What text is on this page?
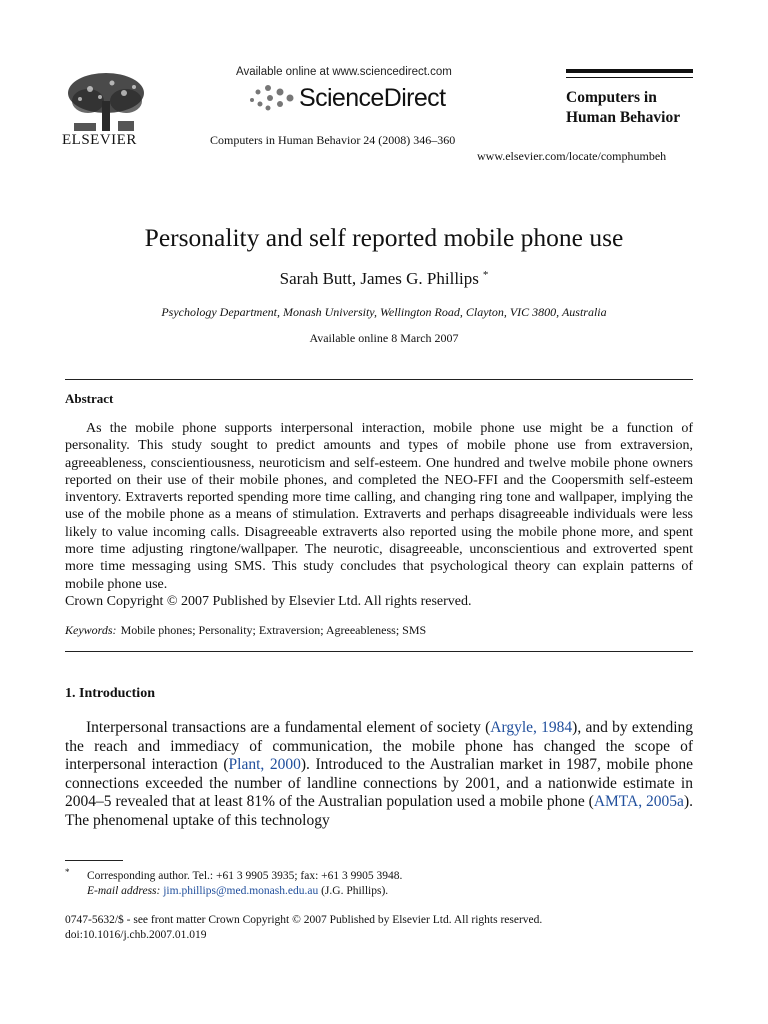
ELSEVIER
Available online at www.sciencedirect.com
ScienceDirect
Computers in Human Behavior 24 (2008) 346–360
Computers in
Human Behavior
www.elsevier.com/locate/comphumbeh
Personality and self reported mobile phone use
Sarah Butt, James G. Phillips *
Psychology Department, Monash University, Wellington Road, Clayton, VIC 3800, Australia
Available online 8 March 2007
Abstract

As the mobile phone supports interpersonal interaction, mobile phone use might be a function of personality. This study sought to predict amounts and types of mobile phone use from extraversion, agreeableness, conscientiousness, neuroticism and self-esteem. One hundred and twelve mobile phone owners reported on their use of their mobile phones, and completed the NEO-FFI and the Coopersmith self-esteem inventory. Extraverts reported spending more time calling, and changing ring tone and wallpaper, implying the use of the mobile phone as a means of stimulation. Extraverts and perhaps disagreeable individuals were less likely to value incoming calls. Disagreeable extraverts also reported using the mobile phone more, and spent more time adjusting ringtone/wallpaper. The neurotic, disagreeable, unconscientious and extroverted spent more time messaging using SMS. This study concludes that psychological theory can explain patterns of mobile phone use.

Crown Copyright © 2007 Published by Elsevier Ltd. All rights reserved.

Keywords: Mobile phones; Personality; Extraversion; Agreeableness; SMS
1. Introduction

Interpersonal transactions are a fundamental element of society (Argyle, 1984), and by extending the reach and immediacy of communication, the mobile phone has changed the scope of interpersonal interaction (Plant, 2000). Introduced to the Australian market in 1987, mobile phone connections exceeded the number of landline connections by 2001, and a nationwide estimate in 2004–5 revealed that at least 81% of the Australian population used a mobile phone (AMTA, 2005a). The phenomenal uptake of this technology

* Corresponding author. Tel.: +61 3 9905 3935; fax: +61 3 9905 3948.
E-mail address: jim.phillips@med.monash.edu.au (J.G. Phillips).
0747-5632/$ - see front matter Crown Copyright © 2007 Published by Elsevier Ltd. All rights reserved.
doi:10.1016/j.chb.2007.01.019
